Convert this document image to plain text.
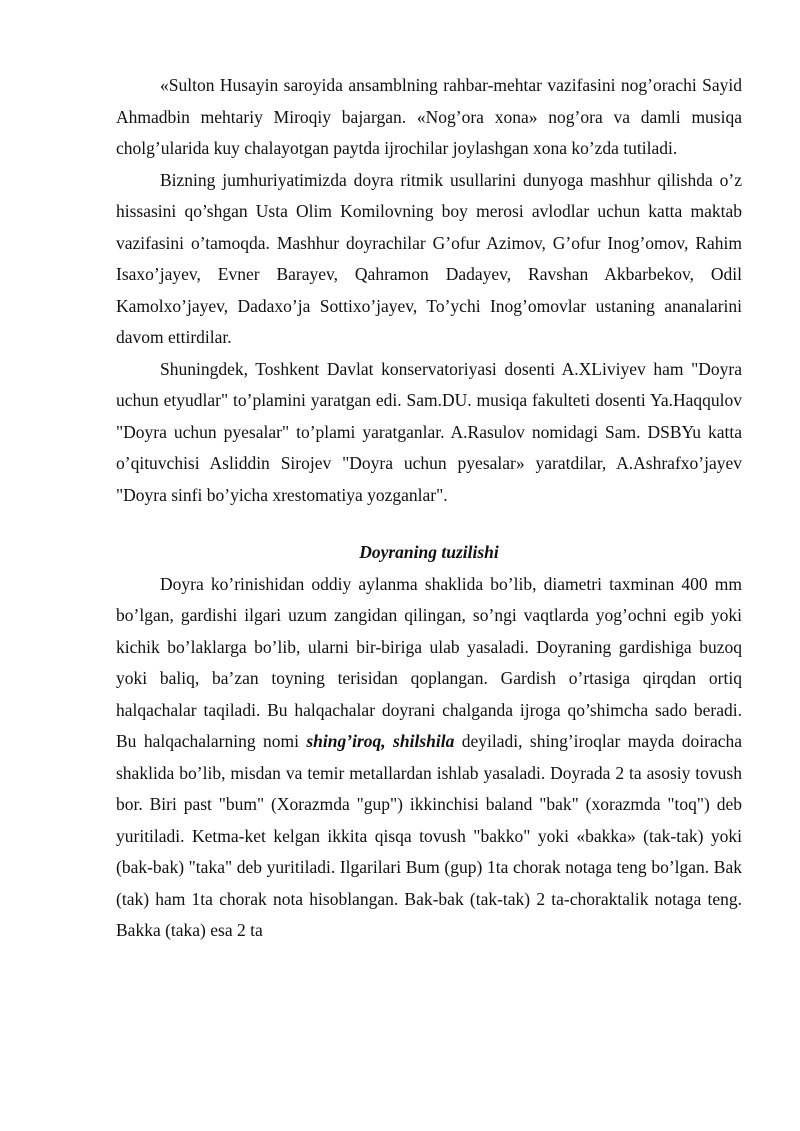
«Sulton Husayin saroyida ansamblning rahbar-mehtar vazifasini nog’orachi Sayid Ahmadbin mehtariy Miroqiy bajargan. «Nog’ora xona» nog’ora va damli musiqa cholg’ularida kuy chalayotgan paytda ijrochilar joylashgan xona ko’zda tutiladi.

Bizning jumhuriyatimizda doyra ritmik usullarini dunyoga mashhur qilishda o’z hissasini qo’shgan Usta Olim Komilovning boy merosi avlodlar uchun katta maktab vazifasini o’tamoqda. Mashhur doyrachilar G’ofur Azimov, G’ofur Inog’omov, Rahim Isaxo’jayev, Evner Barayev, Qahramon Dadayev, Ravshan Akbarbekov, Odil Kamolxo’jayev, Dadaxo’ja Sottixo’jayev, To’ychi Inog’omovlar ustaning ananalarini davom ettirdilar.

Shuningdek, Toshkent Davlat konservatoriyasi dosenti A.XLiviyev ham "Doyra uchun etyudlar" to’plamini yaratgan edi. Sam.DU. musiqa fakulteti dosenti Ya.Haqqulov "Doyra uchun pyesalar" to’plami yaratganlar. A.Rasulov nomidagi Sam. DSBYu katta o’qituvchisi Asliddin Sirojev "Doyra uchun pyesalar» yaratdilar, A.Ashrafxo’jayev "Doyra sinfi bo’yicha xrestomatiya yozganlar".

Doyraning tuzilishi

Doyra ko’rinishidan oddiy aylanma shaklida bo’lib, diametri taxminan 400 mm bo’lgan, gardishi ilgari uzum zangidan qilingan, so’ngi vaqtlarda yog’ochni egib yoki kichik bo’laklarga bo’lib, ularni bir-biriga ulab yasaladi. Doyraning gardishiga buzoq yoki baliq, ba’zan toyning terisidan qoplangan. Gardish o’rtasiga qirqdan ortiq halqachalar taqiladi. Bu halqachalar doyrani chalganda ijroga qo’shimcha sado beradi. Bu halqachalarning nomi shing’iroq, shilshila deyiladi, shing’iroqlar mayda doiracha shaklida bo’lib, misdan va temir metallardan ishlab yasaladi. Doyrada 2 ta asosiy tovush bor. Biri past "bum" (Xorazmda "gup") ikkinchisi baland "bak" (xorazmda "toq") deb yuritiladi. Ketma-ket kelgan ikkita qisqa tovush "bakko" yoki «bakka» (tak-tak) yoki (bak-bak) "taka" deb yuritiladi. Ilgarilari Bum (gup) 1ta chorak notaga teng bo’lgan. Bak (tak) ham 1ta chorak nota hisoblangan. Bak-bak (tak-tak) 2 ta-choraktalik notaga teng. Bakka (taka) esa 2 ta
